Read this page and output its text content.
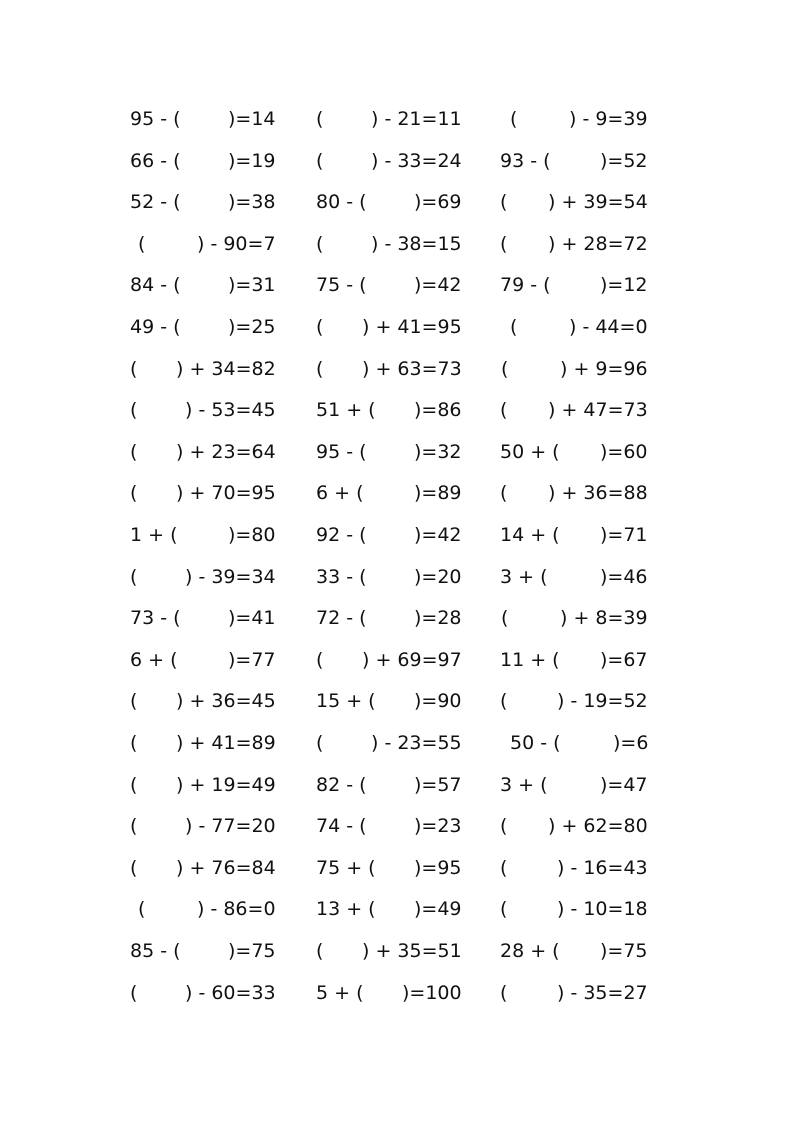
95 - ( )=14 (	) - 21=11	(	) - 9=39
66 - ( )=19 (	) - 33=24 93 - (	)=52
52 - ( )=38 80 - ( )=69 ( ) + 39=54
(	) - 90=7 (	) - 38=15 ( ) + 28=72
84 - ( )=31 75 - ( )=42 79 - (	)=12
49 - ( )=25 ( ) + 41=95	(	) - 44=0
( ) + 34=82 ( ) + 63=73 (	) + 9=96
(	) - 53=45 51 + ( )=86 ( ) + 47=73
( ) + 23=64 95 - ( )=32 50 + ( )=60
( ) + 70=95 6 + (	)=89 ( ) + 36=88
1 + (	)=80 92 - ( )=42 14 + ( )=71
(	) - 39=34 33 - ( )=20 3 + (	)=46
73 - ( )=41 72 - ( )=28 (	) + 8=39
6 + (	)=77 ( ) + 69=97 11 + ( )=67
( ) + 36=45 15 + ( )=90 (	) - 19=52
( ) + 41=89 (	) - 23=55	50 - (	)=6
( ) + 19=49 82 - ( )=57 3 + (	)=47
(	) - 77=20 74 - ( )=23 ( ) + 62=80
( ) + 76=84 75 + ( )=95 (	) - 16=43
(	) - 86=0 13 + ( )=49 (	) - 10=18
85 - ( )=75 ( ) + 35=51 28 + ( )=75
(	) - 60=33 5 + ( )=100 (	) - 35=27
